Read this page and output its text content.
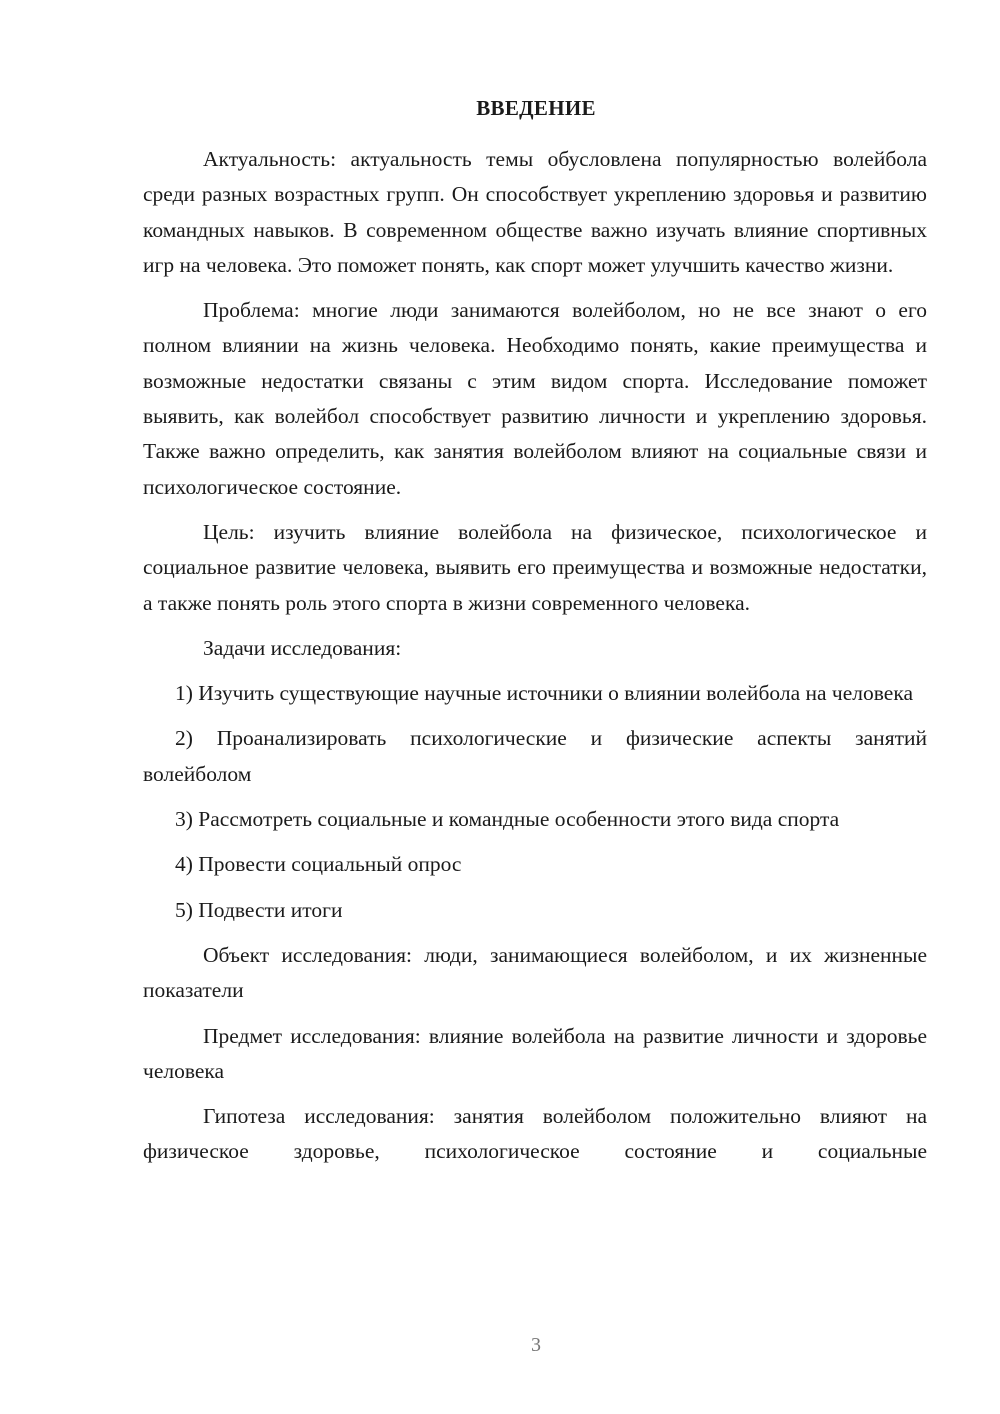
ВВЕДЕНИЕ

Актуальность: актуальность темы обусловлена популярностью волейбола среди разных возрастных групп. Он способствует укреплению здоровья и развитию командных навыков. В современном обществе важно изучать влияние спортивных игр на человека. Это поможет понять, как спорт может улучшить качество жизни.

Проблема: многие люди занимаются волейболом, но не все знают о его полном влиянии на жизнь человека. Необходимо понять, какие преимущества и возможные недостатки связаны с этим видом спорта. Исследование поможет выявить, как волейбол способствует развитию личности и укреплению здоровья. Также важно определить, как занятия волейболом влияют на социальные связи и психологическое состояние.

Цель: изучить влияние волейбола на физическое, психологическое и социальное развитие человека, выявить его преимущества и возможные недостатки, а также понять роль этого спорта в жизни современного человека.

Задачи исследования:

1) Изучить существующие научные источники о влиянии волейбола на человека

2) Проанализировать психологические и физические аспекты занятий волейболом

3) Рассмотреть социальные и командные особенности этого вида спорта

4) Провести социальный опрос

5) Подвести итоги

Объект исследования: люди, занимающиеся волейболом, и их жизненные показатели

Предмет исследования: влияние волейбола на развитие личности и здоровье человека

Гипотеза исследования: занятия волейболом положительно влияют на физическое здоровье, психологическое состояние и социальные

3
